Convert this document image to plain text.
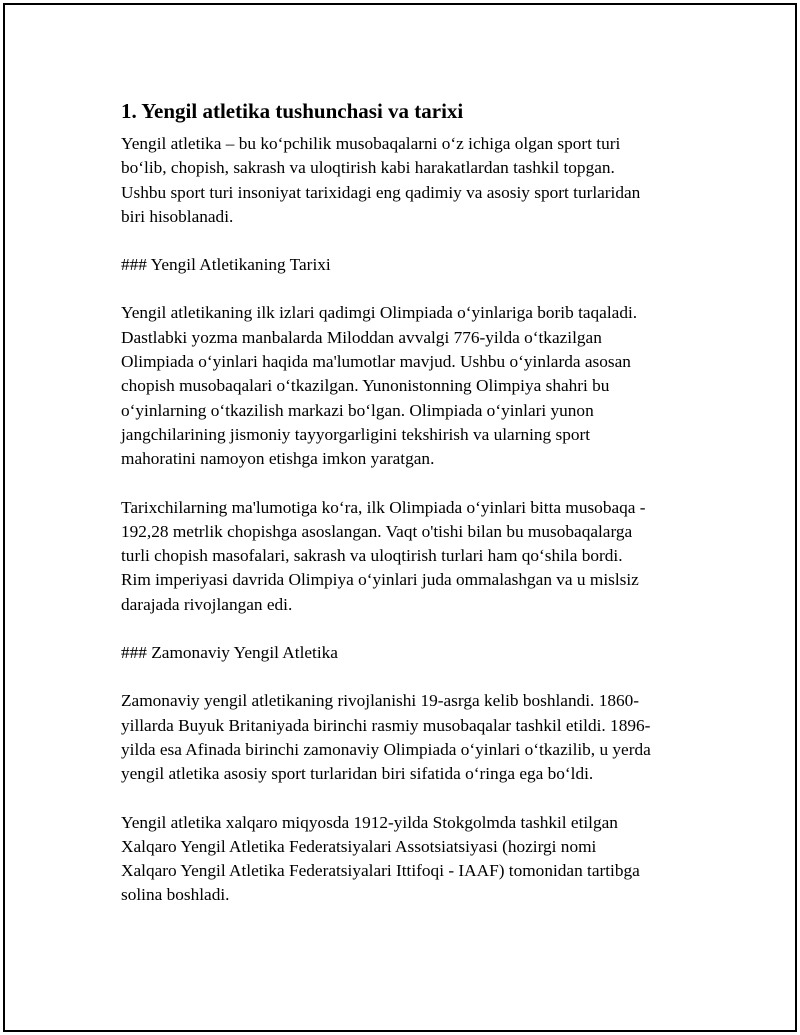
1. Yengil atletika tushunchasi va tarixi

Yengil atletika – bu koʻpchilik musobaqalarni oʻz ichiga olgan sport turi
boʻlib, chopish, sakrash va uloqtirish kabi harakatlardan tashkil topgan.
Ushbu sport turi insoniyat tarixidagi eng qadimiy va asosiy sport turlaridan
biri hisoblanadi.

### Yengil Atletikaning Tarixi

Yengil atletikaning ilk izlari qadimgi Olimpiada oʻyinlariga borib taqaladi.
Dastlabki yozma manbalarda Miloddan avvalgi 776-yilda oʻtkazilgan
Olimpiada oʻyinlari haqida ma'lumotlar mavjud. Ushbu oʻyinlarda asosan
chopish musobaqalari oʻtkazilgan. Yunonistonning Olimpiya shahri bu
oʻyinlarning oʻtkazilish markazi boʻlgan. Olimpiada oʻyinlari yunon
jangchilarining jismoniy tayyorgarligini tekshirish va ularning sport
mahoratini namoyon etishga imkon yaratgan.

Tarixchilarning ma'lumotiga koʻra, ilk Olimpiada oʻyinlari bitta musobaqa -
192,28 metrlik chopishga asoslangan. Vaqt o'tishi bilan bu musobaqalarga
turli chopish masofalari, sakrash va uloqtirish turlari ham qoʻshila bordi.
Rim imperiyasi davrida Olimpiya oʻyinlari juda ommalashgan va u mislsiz
darajada rivojlangan edi.

### Zamonaviy Yengil Atletika

Zamonaviy yengil atletikaning rivojlanishi 19-asrga kelib boshlandi. 1860-
yillarda Buyuk Britaniyada birinchi rasmiy musobaqalar tashkil etildi. 1896-
yilda esa Afinada birinchi zamonaviy Olimpiada oʻyinlari oʻtkazilib, u yerda
yengil atletika asosiy sport turlaridan biri sifatida oʻringa ega boʻldi.

Yengil atletika xalqaro miqyosda 1912-yilda Stokgolmda tashkil etilgan
Xalqaro Yengil Atletika Federatsiyalari Assotsiatsiyasi (hozirgi nomi
Xalqaro Yengil Atletika Federatsiyalari Ittifoqi - IAAF) tomonidan tartibga
solina boshladi.
